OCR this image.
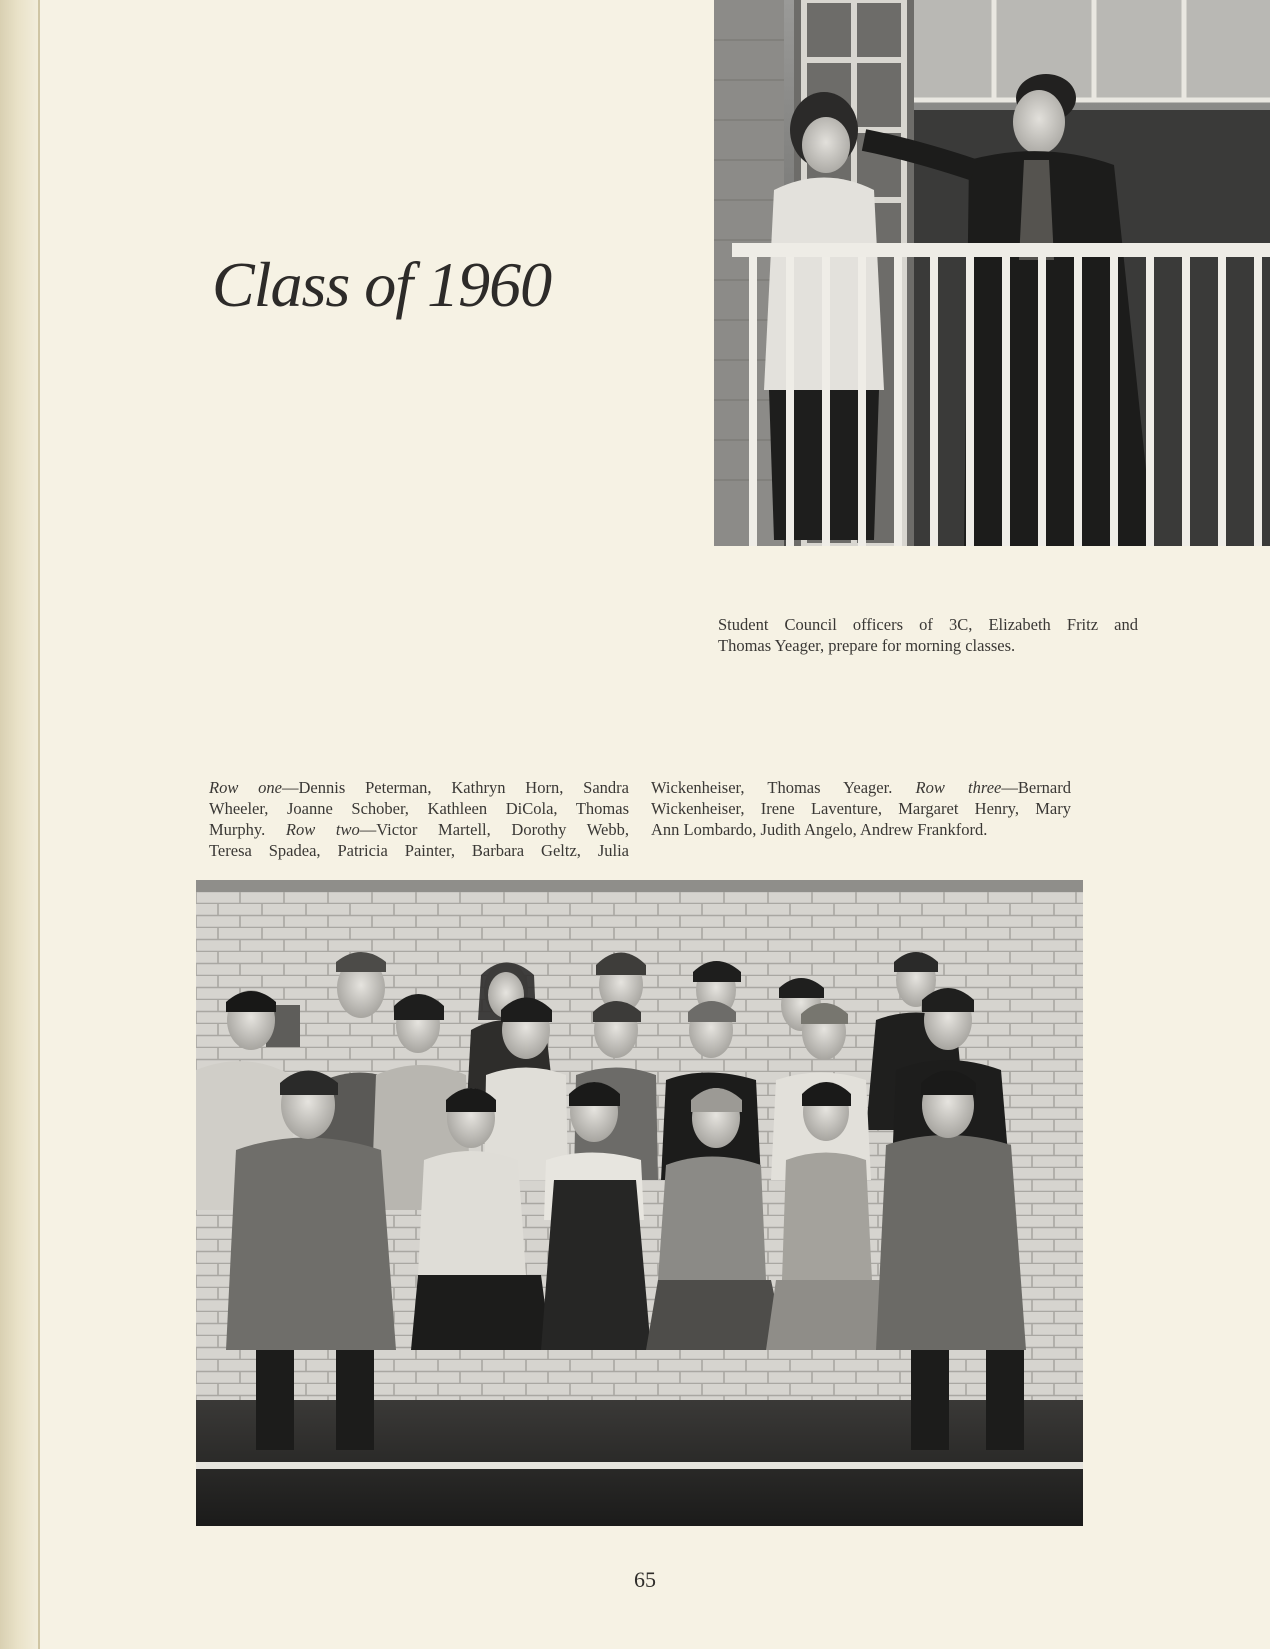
Class of 1960
Student Council officers of 3C, Elizabeth Fritz and
Thomas Yeager, prepare for morning classes.
Row one—Dennis Peterman, Kathryn Horn, Sandra
Wheeler, Joanne Schober, Kathleen DiCola, Thomas
Murphy. Row two—Victor Martell, Dorothy Webb,
Teresa Spadea, Patricia Painter, Barbara Geltz, Julia
Wickenheiser, Thomas Yeager. Row three—Bernard
Wickenheiser, Irene Laventure, Margaret Henry, Mary
Ann Lombardo, Judith Angelo, Andrew Frankford.
65
